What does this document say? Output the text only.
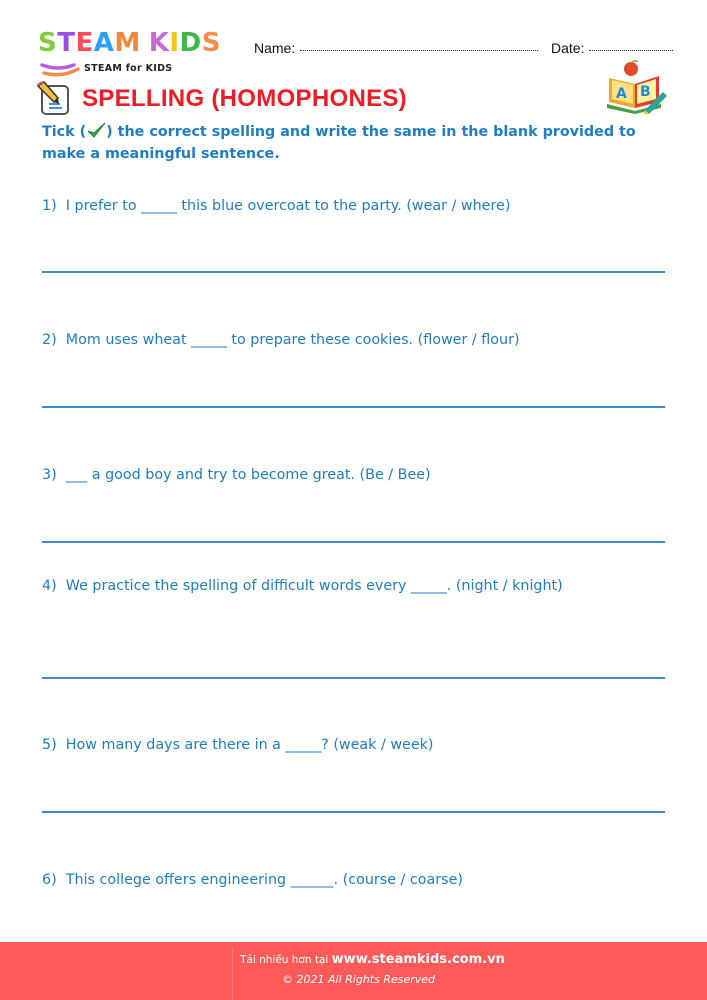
STEAM KIDS
STEAM for KIDS
Name:	Date:
A B
SPELLING (HOMOPHONES)
Tick ( ) the correct spelling and write the same in the blank provided to make a meaningful sentence.
1) I prefer to _____ this blue overcoat to the party. (wear / where)
2) Mom uses wheat _____ to prepare these cookies. (flower / flour)
3) ___ a good boy and try to become great. (Be / Bee)
4) We practice the spelling of difficult words every _____. (night / knight)
5) How many days are there in a _____? (weak / week)
6) This college offers engineering ______. (course / coarse)
Tải nhiều hơn tại www.steamkids.com.vn
© 2021 All Rights Reserved
